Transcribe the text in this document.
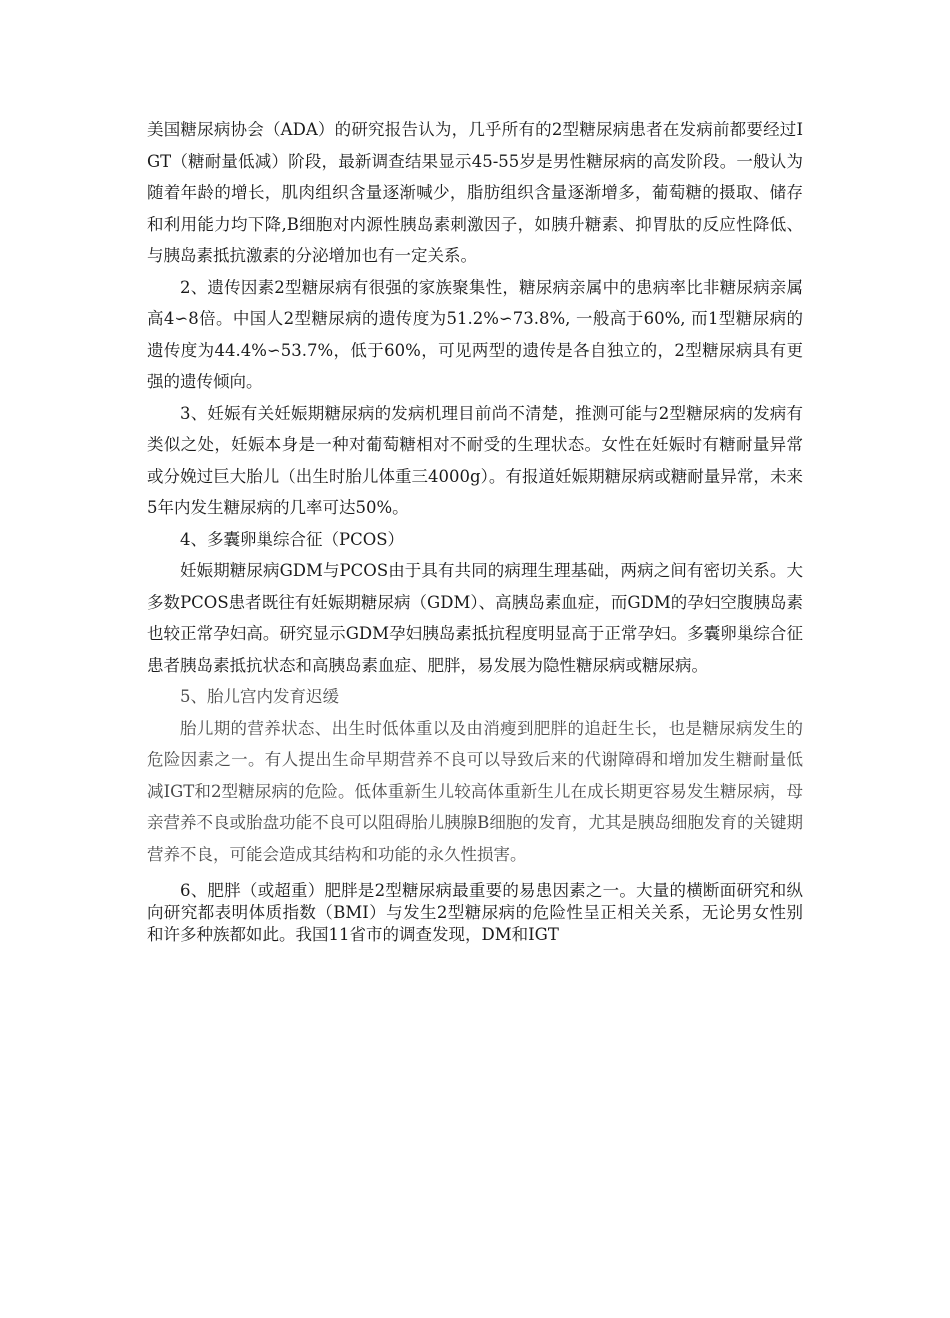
美国糖尿病协会（ADA）的研究报告认为，几乎所有的2型糖尿病患者在发病前都要经过IGT（糖耐量低减）阶段，最新调查结果显示45-55岁是男性糖尿病的高发阶段。一般认为随着年龄的增长，肌肉组织含量逐渐喊少，脂肪组织含量逐渐增多，葡萄糖的摄取、储存和利用能力均下降,B细胞对内源性胰岛素刺激因子，如胰升糖素、抑胃肽的反应性降低、与胰岛素抵抗激素的分泌增加也有一定关系。

2、遗传因素2型糖尿病有很强的家族聚集性，糖尿病亲属中的患病率比非糖尿病亲属高4∽8倍。中国人2型糖尿病的遗传度为51.2%∽73.8%, 一般高于60%, 而1型糖尿病的遗传度为44.4%∽53.7%，低于60%，可见两型的遗传是各自独立的，2型糖尿病具有更强的遗传倾向。

3、妊娠有关妊娠期糖尿病的发病机理目前尚不清楚，推测可能与2型糖尿病的发病有类似之处，妊娠本身是一种对葡萄糖相对不耐受的生理状态。女性在妊娠时有糖耐量异常或分娩过巨大胎儿（出生时胎儿体重三4000g）。有报道妊娠期糖尿病或糖耐量异常，未来5年内发生糖尿病的几率可达50%。

4、多囊卵巢综合征（PCOS）

妊娠期糖尿病GDM与PCOS由于具有共同的病理生理基础，两病之间有密切关系。大多数PCOS患者既往有妊娠期糖尿病（GDM）、高胰岛素血症，而GDM的孕妇空腹胰岛素也较正常孕妇高。研究显示GDM孕妇胰岛素抵抗程度明显高于正常孕妇。多囊卵巢综合征患者胰岛素抵抗状态和高胰岛素血症、肥胖，易发展为隐性糖尿病或糖尿病。

5、胎儿宫内发育迟缓

胎儿期的营养状态、出生时低体重以及由消瘦到肥胖的追赶生长，也是糖尿病发生的危险因素之一。有人提出生命早期营养不良可以导致后来的代谢障碍和增加发生糖耐量低减IGT和2型糖尿病的危险。低体重新生儿较高体重新生儿在成长期更容易发生糖尿病，母亲营养不良或胎盘功能不良可以阻碍胎儿胰腺B细胞的发育，尤其是胰岛细胞发育的关键期营养不良，可能会造成其结构和功能的永久性损害。

6、肥胖（或超重）肥胖是2型糖尿病最重要的易患因素之一。大量的横断面研究和纵向研究都表明体质指数（BMI）与发生2型糖尿病的危险性呈正相关关系，无论男女性别和许多种族都如此。我国11省市的调查发现，DM和IGT
